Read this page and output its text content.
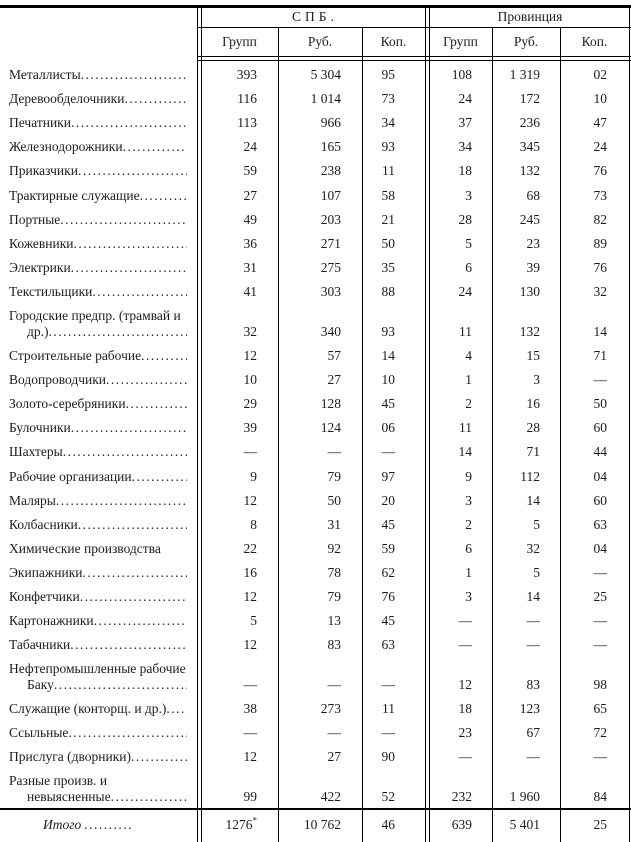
СПБ.	Провинция
Групп	Руб.	Коп.	Групп	Руб.	Коп.
Металлисты .....	393	5 304	95	108	1 319	02
Деревообделочники .....	116	1 014	73	24	172	10
Печатники .....	113	966	34	37	236	47
Железнодорожники .....	24	165	93	34	345	24
Приказчики .....	59	238	11	18	132	76
Трактирные служащие .....	27	107	58	3	68	73
Портные .....	49	203	21	28	245	82
Кожевники .....	36	271	50	5	23	89
Электрики .....	31	275	35	6	39	76
Текстильщики .....	41	303	88	24	130	32
Городские предпр. (трамвай и
др.) .....	32	340	93	11	132	14
Строительные рабочие .....	12	57	14	4	15	71
Водопроводчики .....	10	27	10	1	3	—
Золото-серебряники .....	29	128	45	2	16	50
Булочники .....	39	124	06	11	28	60
Шахтеры .....	—	—	—	14	71	44
Рабочие организации .....	9	79	97	9	112	04
Маляры .....	12	50	20	3	14	60
Колбасники .....	8	31	45	2	5	63
Химические производства	22	92	59	6	32	04
Экипажники .....	16	78	62	1	5	—
Конфетчики .....	12	79	76	3	14	25
Картонажники .....	5	13	45	—	—	—
Табачники .....	12	83	63	—	—	—
Нефтепромышленные рабочие
Баку .....	—	—	—	12	83	98
Служащие (конторщ. и др.) .....	38	273	11	18	123	65
Ссыльные .....	—	—	—	23	67	72
Прислуга (дворники) .....	12	27	90	—	—	—
Разные произв. и
невыясненные .....	99	422	52	232	1 960	84
Итого .....	1276*	10 762	46	639	5 401	25
